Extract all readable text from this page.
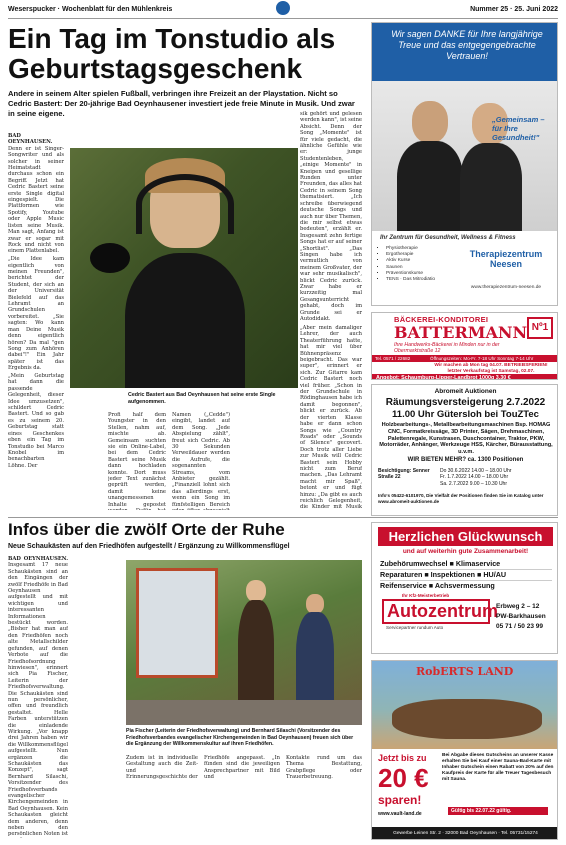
Weserspucker · Wochenblatt für den Mühlenkreis	Nummer 25 · 25. Juni 2022
Ein Tag im Tonstudio als Geburtstagsgeschenk

Andere in seinem Alter spielen Fußball, verbringen ihre Freizeit an der Playstation. Nicht so Cedric Bastert: Der 20-jährige Bad Oeynhausener investiert jede freie Minute in Musik. Und zwar in seine eigene.

BAD OEYNHAUSEN. Denn er ist Singer-Songwriter und als solcher in seiner Heimatstadt durchaus schon ein Begriff. Jetzt hat Cedric Bastert seine erste Single digital eingespielt. Die Plattformen wie Spotify, Youtube oder Apple Music listen seine Musik. Man sagt, Anfang ist zwar er sogar mit Rock und nicht von einem Plattenlabel.

„Die Idee kam eigentlich von meinen Freunden", berichtet der Student, der sich an der Universität Bielefeld auf das Lehramt an Grundschulen vorbereitet. „Sie sagten: Wo kann man Deine Musik denn eigentlich hören? Da mal "gen Song zum Anhören dabei"!" Ein Jahr später ist das Ergebnis da.

„Mein Geburtstag hat dann die passende Gelegenheit, dieser Idee umzusetzen", schildert Cedric Bastert. Und so gab es zu seinem 20. Geburtstag statt eines Geschenkes eben ein Tag im Tonstudio bei Marco Knobel im benachbarten Löhne. Der

Cedric Bastert aus Bad Oeynhausen hat seine erste Single aufgenommen.

Profi half dem Youngster in den Stellen, nahm auf, mischte ab. Gemeinsam suchten sie ein Online-Label, bei dem Cedric Bastert seine Musik dann hochladen konnte. Dort muss jeder Text zunächst geprüft werden, damit keine unangemessenen Inhalte gepostet

Namen („Cedde") eingibt, landet auf dem Song. „Jede Abspielung zählt", freut sich Cedric. Ab 30 Sekunden Verweildauer werden die Aufrufe, die sogenannten Streams, vom Anbieter gezählt. „Finanziell lohnt sich das allerdings erst, wenn ein Song im fünfstelligen Bereich

sik gehört und gelesen werden kann", ist seine Absicht. Denn der Song „Momente" ist für viele gedacht, die ähnliche Gefühle wie er: junge Studentenleben, „einige Momente" in Kneipen und gesellige Runden unter Freunden, das alles hat Cedric in seinem Song thematisiert. „Ich schreibe überwiegend deutsche Songs und auch nur über Themen, die mir selbst etwas bedeuten", erzählt er. Insgesamt zehn fertige Songs hat er auf seiner „Shortlist". „Das Singen habe ich vermutlich von meinem Großvater, der war sehr musikalisch", blickt Cedric zurück. Zwar habe er kurzzeitig mal Gesangsunterricht gehabt, doch im Grunde sei er Autodidakt.

„Aber mein damaliger Lehrer, der auch Theaterführung hatte, hat mir viel über Bühnenpräsenz beigebracht. Das war super", erinnert er sich. Zur Gitarre kam Cedric Bastert noch viel früher. „Schon in der Grundschule in Rödinghausen habe ich damit begonnen", blickt er zurück. Ab der vierten Klasse habe er dann schon Songs wie „Country Roads" oder „Sounds of Silence" gecovert. Doch trotz aller Liebe zur Musik will Cedric Bastert sein Hobby nicht zum Beruf machen. „Das Lehramt macht mir Spaß", betont er und fügt hinzu: „Da gibt es auch reichlich Gelegenheit, die Kinder mit Musik

Wir sagen DANKE für Ihre langjährige Treue und das entgegengebrachte Vertrauen!
„Gemeinsam – für Ihre Gesundheit!"
Ihr Zentrum für Gesundheit, Wellness & Fitness
▪ Physiotherapie
▪ Ergotherapie
▪ Aktiv Kurse
▪ Saunen
▪ Präventionskurse
▪ TENS · Das Mitrodiätio
Therapiezentrum Neesen
www.therapiezentrum-neesen.de
BÄCKEREI-KONDITOREI
BATTERMANN Nº1
Ihre Handwerks-Bäckerei in Minden nur in der Obermarktstraße 12
Tel. 0571 / 22682	Öffnungszeiten: Mo-Fr. 7-18 Uhr Sonntag 7-14 Uhr
Wir machen ab Mon tag 04.07. BETRIEBSFERIEN! letzter Verkaufstag ist Samstag, 02.07.
Angebot: Schaumburg-Lipper-Landbrot 1000g 3,30 €
Abromeit Auktionen
Räumungsversteigerung 2.7.2022
11.00 Uhr Gütersloh bei TouZTec
Holzbearbeitungs-, Metallbearbeitungsmaschinen Bsp. HOMAG CNC, Formatkreissäge, 3D Printer, Sägen, Drehmaschinen, Palettenregale, Kunstrasen, Duschcontainer, Traktor, PKW, Motorräder, Anhänger, Werkzeuge HSS, Kärcher, Bürausstattung, u.v.m.
WIR BIETEN MEHR? ca. 1300 Positionen
Besichtigung: Senner Straße 22
Do 30.6.2022 14.00 – 18.00 Uhr
Fr. 1.7.2022 14.00 – 18.00 Uhr
Sa. 2.7.2022 9.00 – 10.30 Uhr
Info's 05422-6101970, Die Vielfalt der Positionen finden Sie im Katalog unter www.abromeit-auktionen.de
Infos über die zwölf Orte der Ruhe

Neue Schaukästen auf den Friedhöfen aufgestellt / Ergänzung zu Willkommensflügel

BAD OEYNHAUSEN. Insgesamt 17 neue Schaukästen sind an den Eingängen der zwölf Friedhöfe in Bad Oeynhausen aufgestellt und mit wichtigen und interessanten Informationen bestückt worden. „Bisher hat man auf den Friedhöfen noch alte Metallschilder gefunden, auf denen Verbote auf die Friedhofsordnung hinwiesen", erinnert sich Pia Fischer, Leiterin der Friedhofsverwaltung. Die Schaukästen sind nun persönlicher, offen und freundlich gestaltet. Helle Farben unterstützen die einladende Wirkung. „Vor knapp drei Jahren haben wir die Willkommensflügel aufgestellt. Nun ergänzen die Schaukästen das Konzept", sagt Bernhard Silaschi, Vorsitzender des Friedhofsverbands evangelischer Kirchengemeinden in Bad Oeynhausen. Kein Schaukasten gleicht dem anderen, denn neben den persönlichen Noten ist

Pia Fischer (Leiterin der Friedhofsverwaltung) und Bernhard Silaschi (Vorsitzender des Friedhofsverbandes evangelischer Kirchengemeinden in Bad Oeynhausen) freuen sich über die Ergänzung der Willkommenskultur auf ihren Friedhöfen.

Zudem ist in individuelle Gestaltung auch die Zeit- und Erinnerungsgeschichte der

Friedhöfe angepasst. „In fünden sind die jeweiligen Ansprechpartner mit Bild und

Kontakte rund um das Thema Bestattung, Grabpflege oder Trauerbetreuung.

Herzlichen Glückwunsch
und auf weiterhin gute Zusammenarbeit!
Zubehörumwechsel ■ Klimaservice
Reparaturen ■ Inspektionen ■ HU/AU
Reifenservice ■ Achsvermessung
Ihr Kfz-Meisterbetrieb
Autozentrum
Servicepartner rundum Auto
Erbweg 2 – 12
PW-Barkhausen
05 71 / 50 23 99
RobERTS LAND
Jetzt bis zu
20 €
sparen!
Bei Abgabe dieses Gutscheins an unserer Kasse erhalten Sie bei Kauf einer Sauna-Bad-Karte mit Inhaber Gutschein einen Rabatt von 20% auf den Kaufpreis der Karte für alle Treuer Tagesbesuch mit Sauna.
www.vault-land.de	Gültig bis 22.07.22 gültig.
Gewerbe Leinen Str. 2 · 32000 Bad Oeynhausen · Tel. 05731/15274
